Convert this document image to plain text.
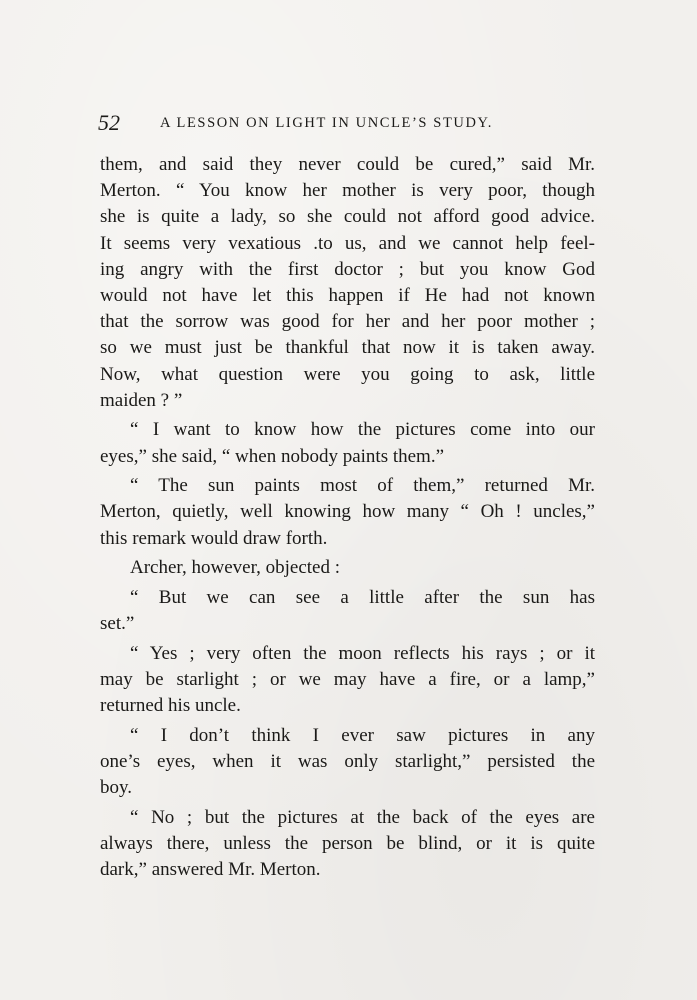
52	A LESSON ON LIGHT IN UNCLE’S STUDY.
them, and said they never could be cured,” said Mr.
Merton. “ You know her mother is very poor, though
she is quite a lady, so she could not afford good advice.
It seems very vexatious .to us, and we cannot help feel-
ing angry with the first doctor ; but you know God
would not have let this happen if He had not known
that the sorrow was good for her and her poor mother ;
so we must just be thankful that now it is taken away.
Now, what question were you going to ask, little
maiden ? ”
“ I want to know how the pictures come into our
eyes,” she said, “ when nobody paints them.”
“ The sun paints most of them,” returned Mr.
Merton, quietly, well knowing how many “ Oh ! uncles,”
this remark would draw forth.
Archer, however, objected :
“ But we can see a little after the sun has
set.”
“ Yes ; very often the moon reflects his rays ; or it
may be starlight ; or we may have a fire, or a lamp,”
returned his uncle.
“ I don’t think I ever saw pictures in any
one’s eyes, when it was only starlight,” persisted the
boy.
“ No ; but the pictures at the back of the eyes are
always there, unless the person be blind, or it is quite
dark,” answered Mr. Merton.
